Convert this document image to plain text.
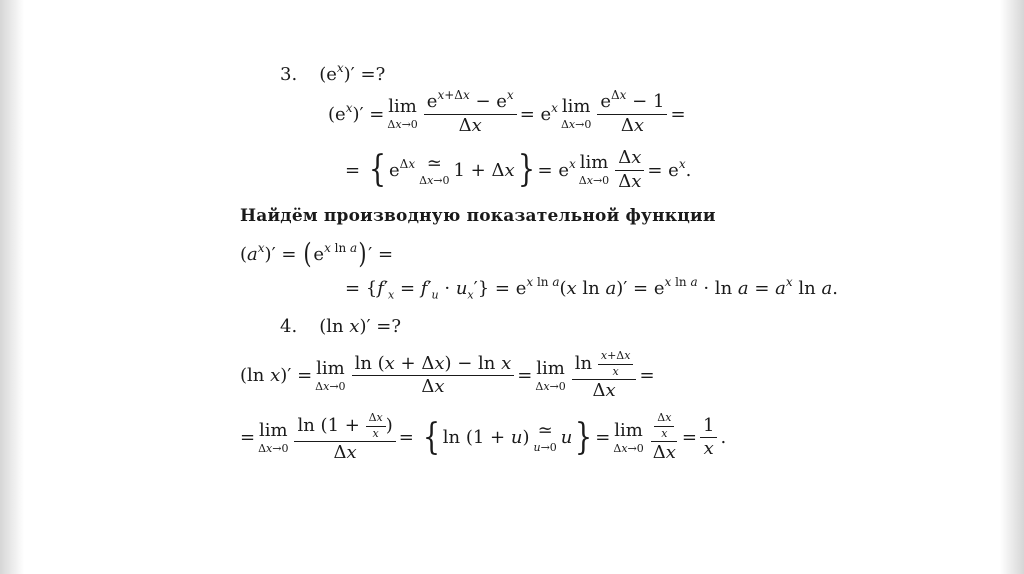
3. $(e^x)'$ =?
$(e^x)' = \lim$
$\Delta x\to 0 \frac{e^{x+\Delta x} - e^x}{\Delta x} = e^x$ lim
$\Delta x\to 0 \frac{e^{\Delta x} - 1}{\Delta x}$ =
= { $e^{\Delta x}$ ≃
Δx→0 1 + Δx } = $e^x$ lim
$\Delta x\to 0 \frac{\Delta x}{\Delta x} = e^x$.
Найдём производную показательной функции
$(a^x)'$ = ( $e^{x ln a}$ ) ′ =
= $\{f'_x = f'_u \cdot u_x'\} = e^{x ln a}(x$ $\ln a)' = e^{x ln a} \cdot \ln a = a^x$ ln a.
4. (ln x)′ =?
(ln x)′ = lim
$\Delta x\to 0 \frac{\text{ln (x + Δx) − ln x}}{\Delta x} = \lim$
$\Delta x\to 0 \frac{\ln \frac{x+\Delta x}{x}}{\Delta x}$ =
= lim
$\Delta x\to 0 \frac{\ln (1 + \frac{\Delta x}{x} )}{\Delta x}$ = { ln (1 + u) ≃
u→0 u } = lim
$\Delta x\to 0 \frac{\frac{\Delta x}{x}}{\Delta x} = \frac{1}{x}$ .
